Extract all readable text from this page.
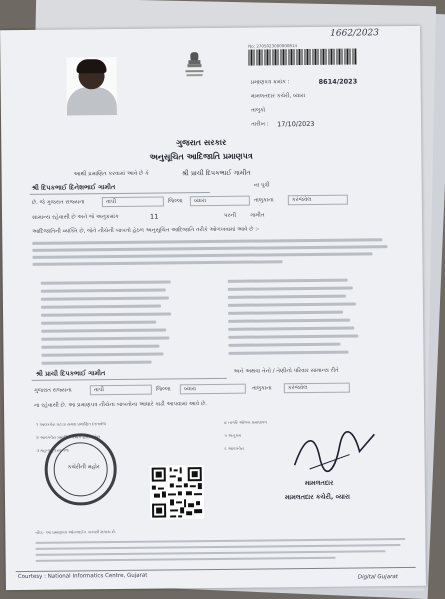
No: 2705023000000814
1662/2023
પ્રમાણપત્ર ક્રમાંક :	8614/2023
મામલતદાર કચેરી, વ્યારા
તાલુકો
તારીખ : 17/10/2023
ગુજરાત સરકાર
અનુસૂચિત આદિજાતિ પ્રમાણપત્ર
આથી પ્રમાણિત કરવામાં આવે છે કે	શ્રી પ્રાચી દિપકભાઈ ગામીત
શ્રી દિપકભાઈ દિનેશભાઈ ગામીત	ના પુત્રી
છે. જે ગુજરાત રાજ્યના	તાપી	જિલ્લા વ્યારા	તાલુકાના	કરંજવેલ
સામાન્ય રહેવાસી છે અને જે અનુક્રમાંક	11	પરની	ગામીત
આદિજાતિની વ્યક્તિ છે, જેને નીચેની બાબતો હેઠળ અનુસૂચિત આદિજાતિ તરીકે ઓળખવામાં આવે છે :-
શ્રી પ્રાચી દિપકભાઈ ગામીત	અને અથવા તેનો / તેણીનો પરિવાર સામાન્ય રીતે
ગુજરાત રાજ્યના	તાપી	જિલ્લા વ્યારા	તાલુકાના	કરંજવેલ
ના રહેવાસી છે. આ પ્રમાણપત્ર નીચેના બાબતોના આધારે કાઢી આપવામાં આવે છે.
૧ આવકવેરા ઘટાડા સમક્ષ પ્રમાણિત દસ્તાવેજ
૨ આવકવેરા પ્રમાણિત ક્રમાંક દ્વારા મળેલ
૩ મહત્વનું દસ્તાવેજ
૪ નાગરિ ઓળખ પ્રમાણપત્ર
૫ અનુક્રમ
૬ આવકવેરા
કચેરીની મહોર
મામલતદાર
મામલતદાર કચેરી, વ્યારા
નોંધ:- આ પ્રમાણપત્ર ઓનલાઈન ચકાસી શકાય છે.
Courtesy : National Informatics Centre, Gujarat	Digital Gujarat
